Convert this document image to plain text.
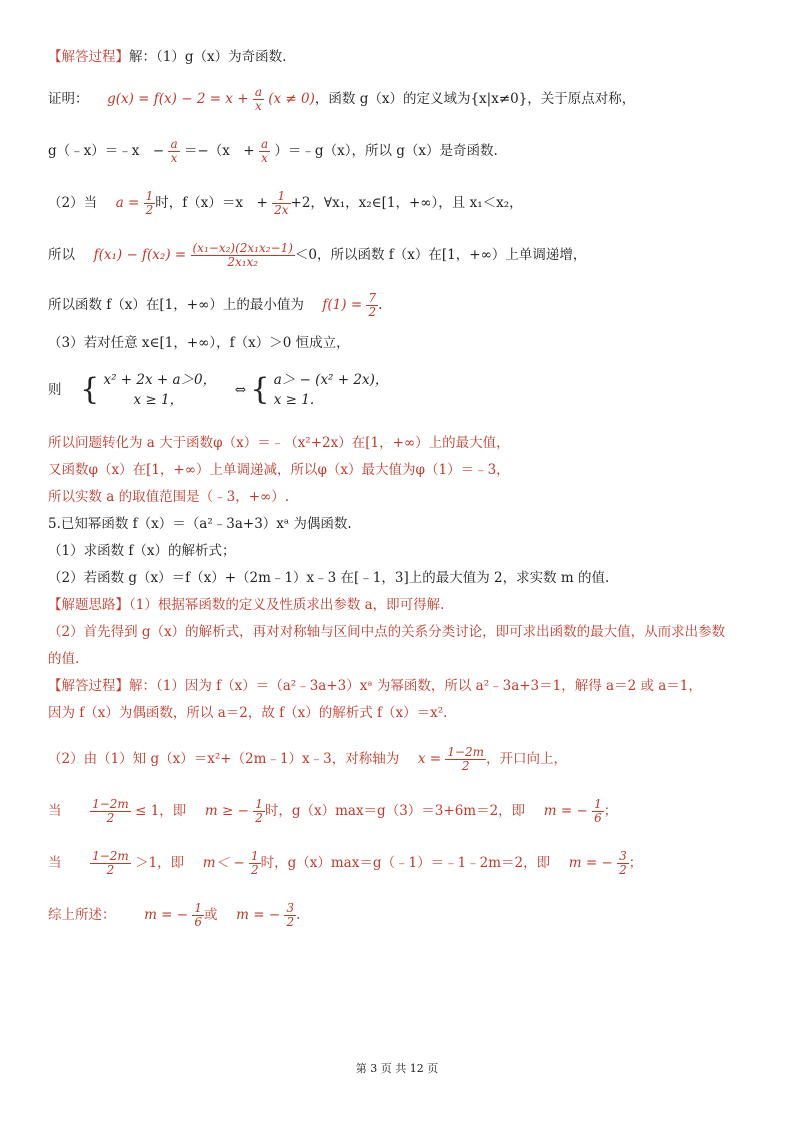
【解答过程】解：（1）g（x）为奇函数.
证明： $g(x) = f(x) - 2 = x + \frac{a}{x} (x \ne 0)$，函数 g（x）的定义域为{x|x≠0}，关于原点对称，
g（﹣x）＝﹣x　− $\frac{a}{x} =-(x$　+ $\frac{a}{x}$ ）＝﹣g（x），所以 g（x）是奇函数.
（2）当 $a = \frac{1}{2}$ 时，f（x）＝x　+ $\frac{1}{2x} +2$，∀x₁，x₂∈[1，+∞），且 x₁＜x₂，
所以 $f(x_1) - f(x_2) = \frac{\text{(x₁−x₂)(2x₁x₂−1)}}{\text{2x₁x₂}} <0$，所以函数 f（x）在[1，+∞）上单调递增，
所以函数 f（x）在[1，+∞）上的最小值为 $f(1) = \frac{7}{2}$ .
（3）若对任意 x∈[1，+∞），f（x）＞0 恒成立，
则 { x² + 2x + a＞0，
x ≥ 1，
⇔ { a＞ − (x² + 2x)，
x ≥ 1.
所以问题转化为 a 大于函数φ（x）＝﹣（x²+2x）在[1，+∞）上的最大值，
又函数φ（x）在[1，+∞）上单调递减，所以φ（x）最大值为φ（1）＝﹣3，
所以实数 a 的取值范围是（﹣3，+∞）.
5.已知幂函数 f（x）＝（a²﹣3a+3）xᵃ 为偶函数.
（1）求函数 f（x）的解析式；
（2）若函数 g（x）＝f（x）+（2m﹣1）x﹣3 在[﹣1，3]上的最大值为 2，求实数 m 的值.
【解题思路】（1）根据幂函数的定义及性质求出参数 a，即可得解.
（2）首先得到 g（x）的解析式，再对对称轴与区间中点的关系分类讨论，即可求出函数的最大值，从而求出参数
的值.
【解答过程】解：（1）因为 f（x）＝（a²﹣3a+3）xᵃ 为幂函数，所以 a²﹣3a+3＝1，解得 a＝2 或 a＝1，
因为 f（x）为偶函数，所以 a＝2，故 f（x）的解析式 f（x）＝x².
（2）由（1）知 g（x）＝x²+（2m﹣1）x﹣3，对称轴为 $x = \frac{1-2m}{2}$ ，开口向上，
当 $\frac{1-2m}{2} \le 1$，即 m ≥ − $\frac{1}{2}$ 时，g（x）max＝g（3）＝3+6m＝2，即 m = − $\frac{1}{6}$ ；
当 $\frac{1-2m}{2} >1$，即 $m< - \frac{1}{2}$ 时，g（x）max＝g（﹣1）＝﹣1﹣2m＝2，即 m = − $\frac{3}{2}$ ；
综上所述： m = − $\frac{1}{6}$ 或 m = − $\frac{3}{2}$ .
第 3 页 共 12 页
